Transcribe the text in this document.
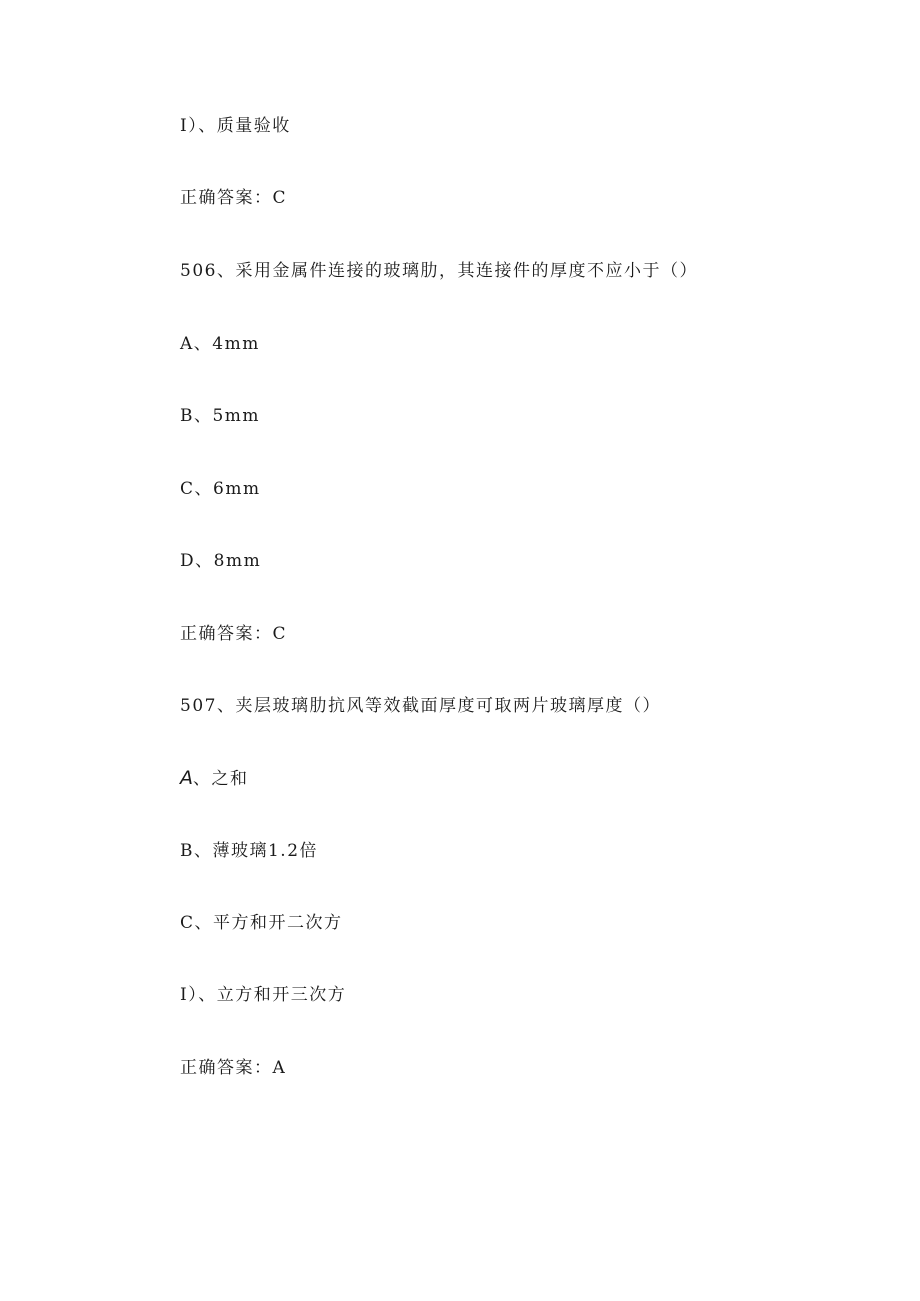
I）、质量验收
正确答案：C
506、采用金属件连接的玻璃肋，其连接件的厚度不应小于（）
A、4mm
B、5mm
C、6mm
D、8mm
正确答案：C
507、夹层玻璃肋抗风等效截面厚度可取两片玻璃厚度（）
A、之和
B、薄玻璃1.2倍
C、平方和开二次方
I）、立方和开三次方
正确答案：A
